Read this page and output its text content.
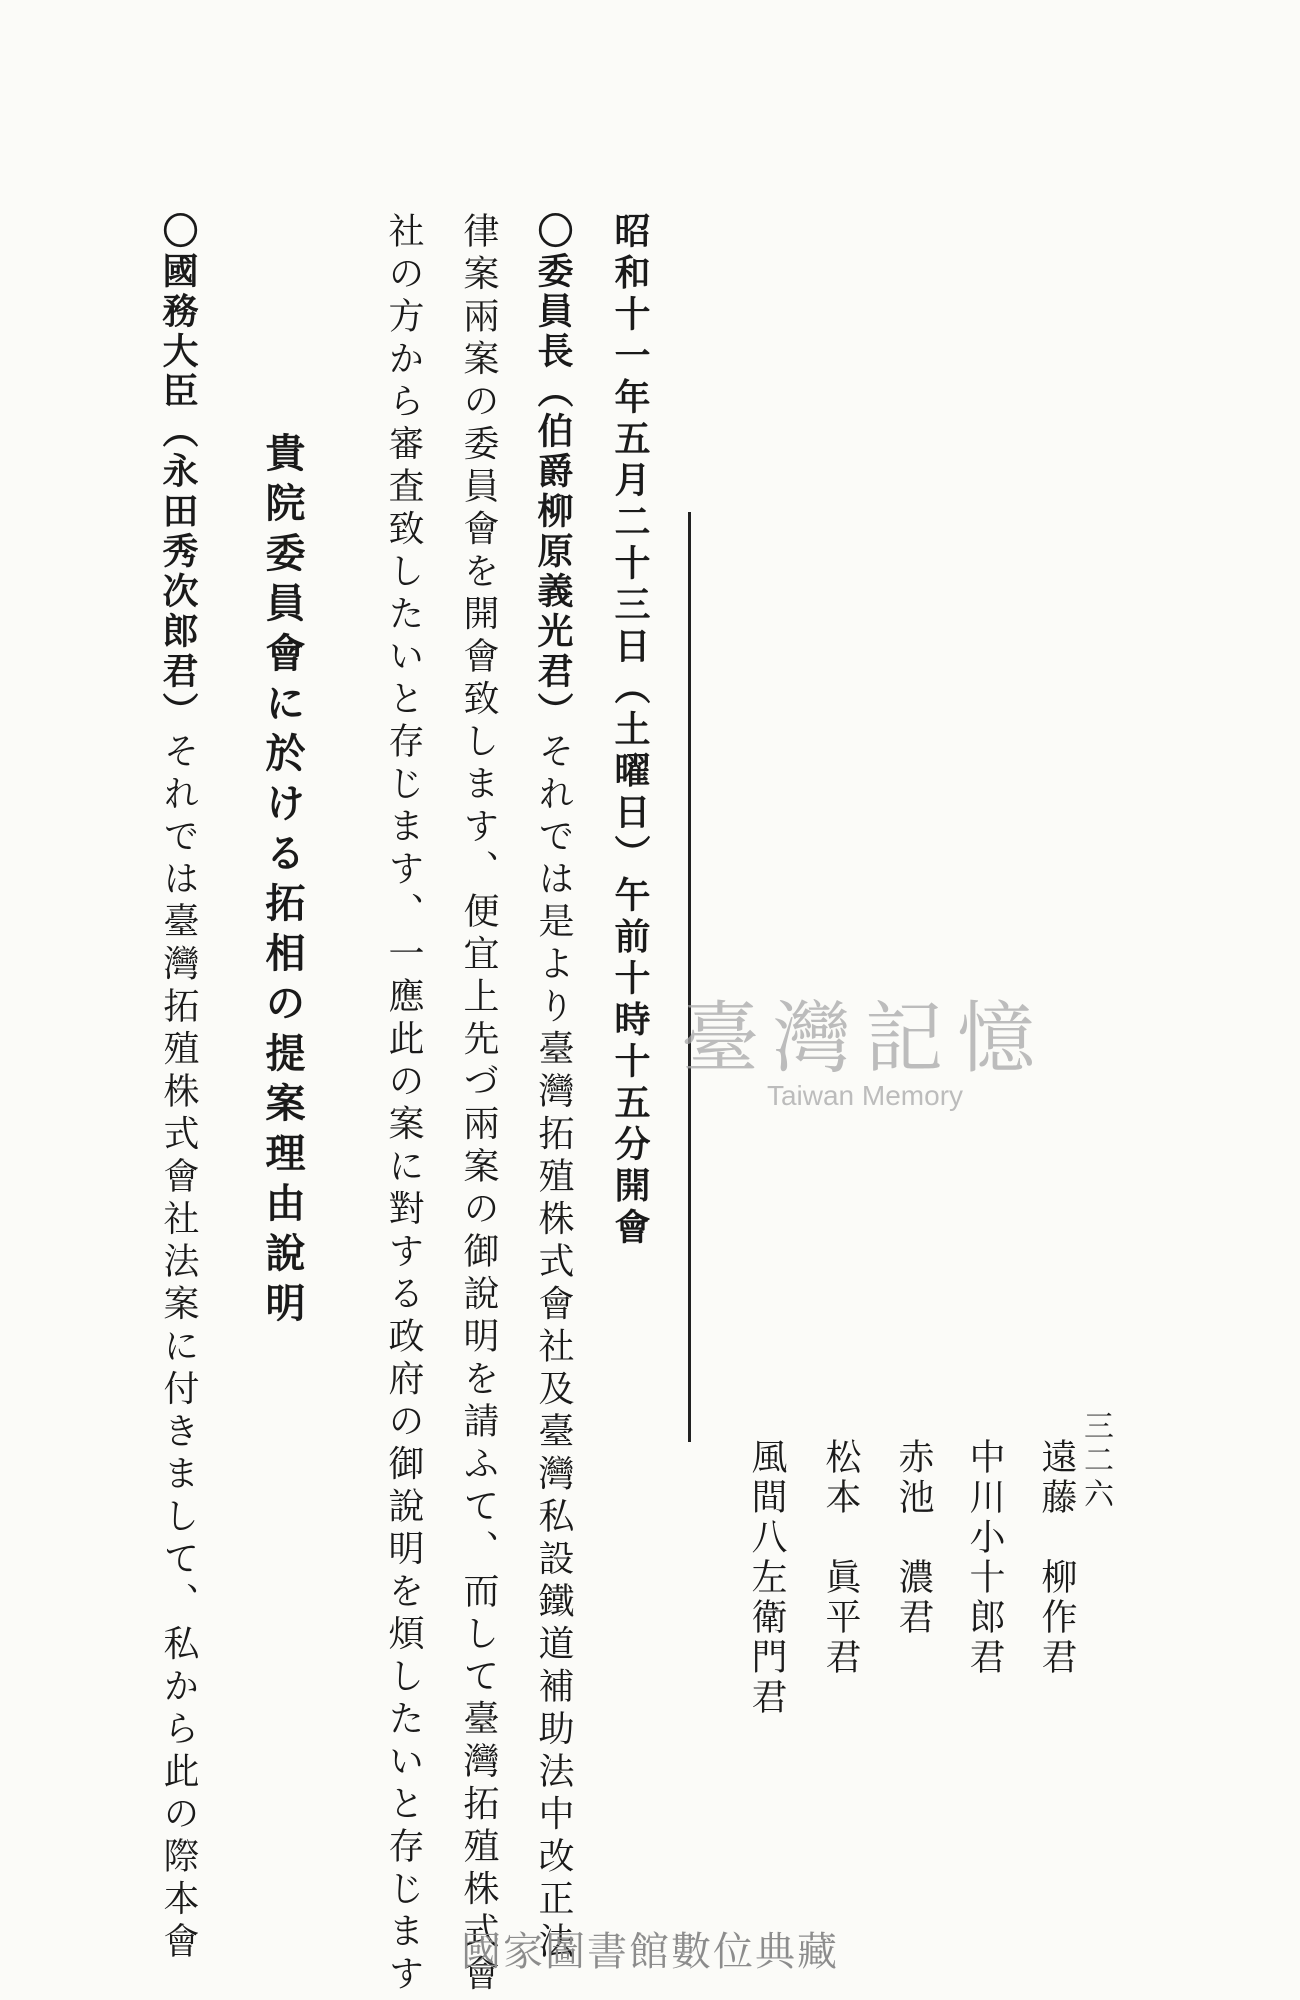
三二六
遠藤　柳作君
中川小十郎君
赤池　濃君
松本　眞平君
風間八左衛門君
昭和十一年五月二十三日（土曜日）午前十時十五分開會
〇委員長（伯爵柳原義光君）それでは是より臺灣拓殖株式會社及臺灣私設鐵道補助法中改正法
律案兩案の委員會を開會致します、便宜上先づ兩案の御說明を請ふて、而して臺灣拓殖株式會
社の方から審査致したいと存じます、一應此の案に對する政府の御說明を煩したいと存じます
貴院委員會に於ける拓相の提案理由說明
〇國務大臣（永田秀次郎君）それでは臺灣拓殖株式會社法案に付きまして、私から此の際本會	臺灣記憶
Taiwan Memory
國家圖書館數位典藏
